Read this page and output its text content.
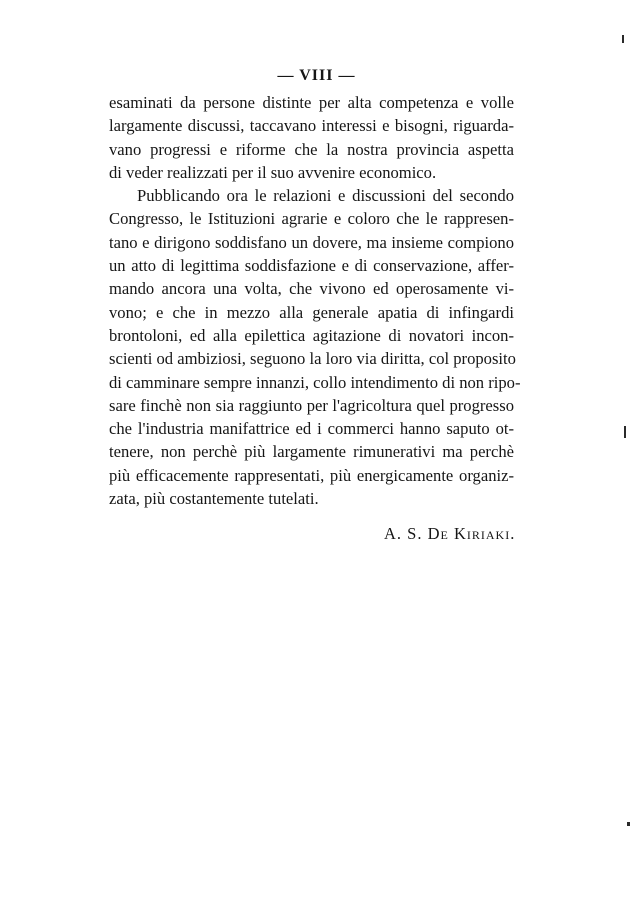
— VIII —
esaminati da persone distinte per alta competenza e volle
largamente discussi, taccavano interessi e bisogni, riguarda-
vano progressi e riforme che la nostra provincia aspetta
di veder realizzati per il suo avvenire economico.
Pubblicando ora le relazioni e discussioni del secondo
Congresso, le Istituzioni agrarie e coloro che le rappresen-
tano e dirigono soddisfano un dovere, ma insieme compiono
un atto di legittima soddisfazione e di conservazione, affer-
mando ancora una volta, che vivono ed operosamente vi-
vono; e che in mezzo alla generale apatia di infingardi
brontoloni, ed alla epilettica agitazione di novatori incon-
scienti od ambiziosi, seguono la loro via diritta, col proposito
di camminare sempre innanzi, collo intendimento di non ripo-
sare finchè non sia raggiunto per l'agricoltura quel progresso
che l'industria manifattrice ed i commerci hanno saputo ot-
tenere, non perchè più largamente rimunerativi ma perchè
più efficacemente rappresentati, più energicamente organiz-
zata, più costantemente tutelati.
A. S. De Kiriaki.
